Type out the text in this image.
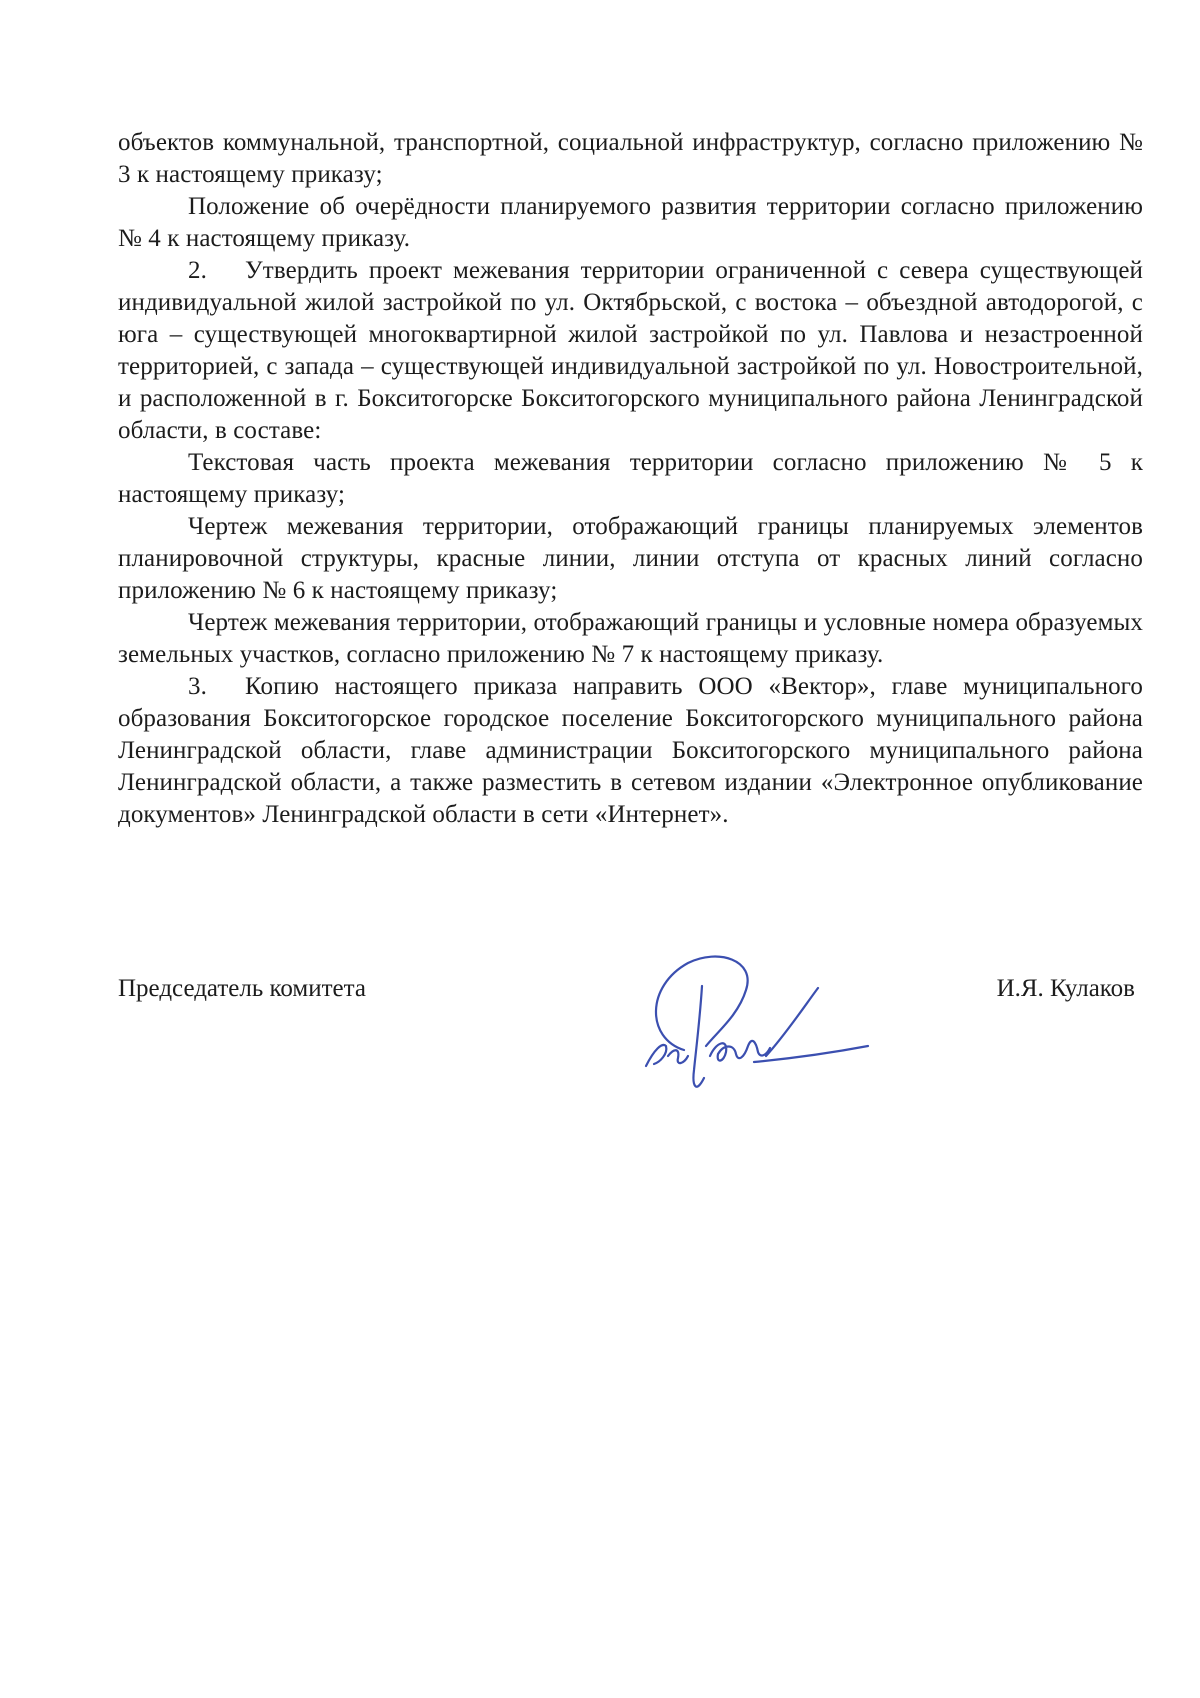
объектов коммунальной, транспортной, социальной инфраструктур, согласно приложению № 3 к настоящему приказу;

Положение об очерёдности планируемого развития территории согласно приложению № 4 к настоящему приказу.

2. Утвердить проект межевания территории ограниченной с севера существующей индивидуальной жилой застройкой по ул. Октябрьской, с востока – объездной автодорогой, с юга – существующей многоквартирной жилой застройкой по ул. Павлова и незастроенной территорией, с запада – существующей индивидуальной застройкой по ул. Новостроительной, и расположенной в г. Бокситогорске Бокситогорского муниципального района Ленинградской области, в составе:

Текстовая часть проекта межевания территории согласно приложению № 5 к настоящему приказу;

Чертеж межевания территории, отображающий границы планируемых элементов планировочной структуры, красные линии, линии отступа от красных линий согласно приложению № 6 к настоящему приказу;

Чертеж межевания территории, отображающий границы и условные номера образуемых земельных участков, согласно приложению № 7 к настоящему приказу.

3. Копию настоящего приказа направить ООО «Вектор», главе муниципального образования Бокситогорское городское поселение Бокситогорского муниципального района Ленинградской области, главе администрации Бокситогорского муниципального района Ленинградской области, а также разместить в сетевом издании «Электронное опубликование документов» Ленинградской области в сети «Интернет».

Председатель комитета	И.Я. Кулаков
